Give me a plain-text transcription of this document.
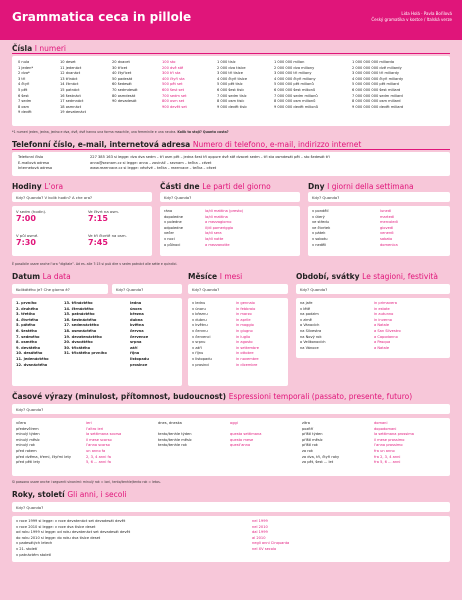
Grammatica ceca in pillole	Lida Holá · Pavla Bořilová
Český gramatika v kostce / Italská verze
Čísla I numeri
0 nula
1 jeden*
2 dva*
3 tři
4 čtyři
5 pět
6 šest
7 sedm
8 osm
9 devět
10 deset
11 jedenáct
12 dvanáct
13 třináct
14 čtrnáct
15 patnáct
16 šestnáct
17 sedmnáct
18 osmnáct
19 devatenáct
20 dvacet
30 třicet
40 čtyřicet
50 padesát
60 šedesát
70 sedmdesát
80 osmdesát
90 devadesát
100 sto
200 dvě stě
300 tři sta
400 čtyři sta
500 pět set
600 šest set
700 sedm set
800 osm set
900 devět set
1 000 tisíc
2 000 dva tisíce
3 000 tři tisíce
4 000 čtyři tisíce
5 000 pět tisíc
6 000 šest tisíc
7 000 sedm tisíc
8 000 osm tisíc
9 000 devět tisíc
1 000 000 milion
2 000 000 dva miliony
3 000 000 tři miliony
4 000 000 čtyři miliony
5 000 000 pět milionů
6 000 000 šest milionů
7 000 000 sedm milionů
8 000 000 osm milionů
9 000 000 devět milionů
1 000 000 000 miliarda
2 000 000 000 dvě miliardy
3 000 000 000 tři miliardy
4 000 000 000 čtyři miliardy
5 000 000 000 pět miliard
6 000 000 000 šest miliard
7 000 000 000 sedm miliard
8 000 000 000 osm miliard
9 000 000 000 devět miliard
*1 numeri jeden, jedna, jedno e dva, dvě, dvě hanno una forma maschile, una femminile e una neutra. Kolik to stojí? Quanto costa?
Telefonní číslo, e-mail, internetová adresa Numero di telefono, e-mail, indirizzo internet
Telefonní číslo
E-mailová adresa
Internetová adresa
227 385 163 si legge: dva dva sedm – tři osm pět – jedna šest tři oppure dvě stě dvacet sedm – tři sta osmdesát pět – sto šedesát tři
anna@seznam.cz si legge: anna – zavináč – seznam – tečka – cézet
www.rezervace.cz si legge: vévévé – tečka – rezervace – tečka – cézet
Hodiny L’ora
Kdy? Quando? V kolik hodin? A che ora?
V sedm (hodin).
7:00
Ve čtvrt na osm.
7:15
V půl osmé.
7:30
Ve tři čtvrtě na osm.
7:45
Části dne Le parti del giorno
Kdy? Quando?
ráno
dopoledne
v poledne
odpoledne
večer
v noci
o půlnoci
la/di mattina (presto)
la/di mattina
a mezzogiorno
il/di pomeriggio
la/di sera
la/di notte
a mezzanotte
Dny I giorni della settimana
Kdy? Quando?
v pondělí
v úterý
ve středu
ve čtvrtek
v pátek
v sobotu
v neděli
lunedì
martedì
mercoledì
giovedì
venerdì
sabato
domenica
È possibile usare anche l’ora “digitale”. Ad es. alle 7:15 si può dire v sedm patnáct alle sette e quindici.
Datum La data
Kolikátého je? Che giorno è?	Kdy? Quando?
1. prvního
2. druhého
3. třetího
4. čtvrtého
5. pátého
6. šestého
7. sedmého
8. osmého
9. devátého
10. desátého
11. jedenáctého
12. dvanáctého
13. třináctého
14. čtrnáctého
15. patnáctého
16. šestnáctého
17. sedmnáctého
18. osmnáctého
19. devatenáctého
20. dvacátého
30. třicátého
31. třicátého prvního
ledna
února
března
dubna
května
června
července
srpna
září
října
listopadu
prosince
Měsíce I mesi
Kdy? Quando?
v lednu
v únoru
v březnu
v dubnu
v květnu
v červnu
v červenci
v srpnu
v září
v říjnu
v listopadu
v prosinci
in gennaio
in febbraio
in marzo
in aprile
in maggio
in giugno
in luglio
in agosto
in settembre
in ottobre
in novembre
in dicembre
Období, svátky Le stagioni, festività
Kdy? Quando?
na jaře
v létě
na podzim
v zimě
o Vánocích
na Silvestra
na Nový rok
o Velikonocích
na Vánoce
in primavera
in estate
in autunno
in inverno
a Natale
a San Silvestro
a Capodanno
a Pasqua
a Natale
Časové výrazy (minulost, přítomnost, budoucnost) Espressioni temporali (passato, presente, futuro)
Kdy? Quando?
včera
předevčírem
minulý týden
minulý měsíc
minulý rok
před rokem
před dvěma, třemi, čtyřmi lety
před pěti lety
ieri
l’altro ieri
la settimana scorsa
il mese scorso
l’anno scorso
un anno fa
2, 3, 4 anni fa
5, 6 ... anni fa
dnes, dneska

tento/tenhle týden
tento/tenhle měsíc
tento/tenhle rok

oggi

questa settimana
questo mese
quest’anno
zítra
pozítří
příští týden
příští měsíc
příští rok
za rok
za dva, tři, čtyři roky
za pět, šest ... let
domani
dopodomani
la settimana prossima
il mese prossimo
l’anno prossimo
fra un anno
fra 2, 3, 4 anni
fra 5, 6 ... anni
Si possono usare anche i seguenti sinonimi: minulý rok = loni, tento/tenhle/tento rok = letos.
Roky, století Gli anni, i secoli
Kdy? Quando?
v roce 1999 si legge: v roce devatenáct set devadesát devět
v roce 2010 si legge: v roce dva tisíce deset
od roku 1999 si legge: od roku devatenáct set devadesát devět
do roku 2010 si legge: do roku dva tisíce deset
v padesátých letech
v 21. století
v patnáctém století
nel 1999
nel 2010
dal 1999
al 2010
negli anni Cinquanta
nel XV secolo
